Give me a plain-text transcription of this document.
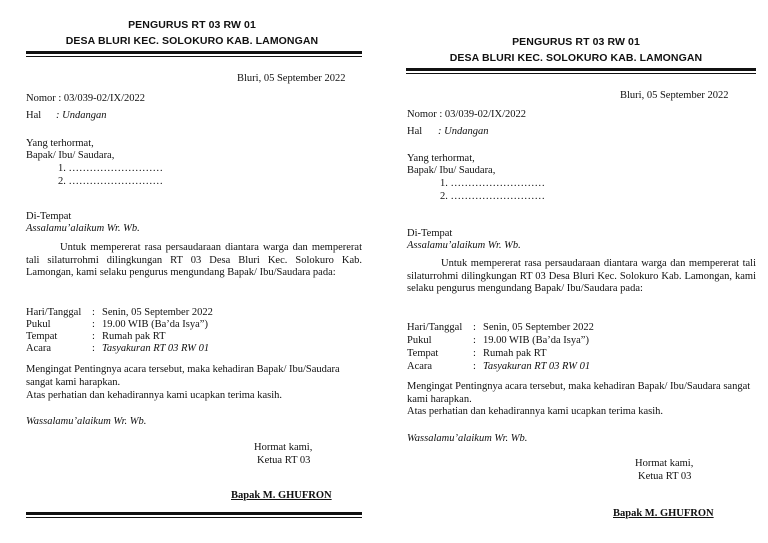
PENGURUS RT 03 RW 01
DESA BLURI KEC. SOLOKURO KAB. LAMONGAN
Bluri, 05 September 2022
Nomor : 03/039-02/IX/2022
Hal : Undangan
Yang terhormat,
Bapak/ Ibu/ Saudara,
1. ………………………
2. ………………………
Di-Tempat
Assalamu’alaikum Wr. Wb.
Untuk mempererat rasa persaudaraan diantara warga dan mempererat tali silaturrohmi dilingkungan RT 03 Desa Bluri Kec. Solokuro Kab. Lamongan, kami selaku pengurus mengundang Bapak/ Ibu/Saudara pada:
Hari/Tanggal : Senin, 05 September 2022
Pukul	: 19.00 WIB (Ba’da Isya”)
Tempat	: Rumah pak RT
Acara	: Tasyakuran RT 03 RW 01
Mengingat Pentingnya acara tersebut, maka kehadiran Bapak/ Ibu/Saudara sangat kami harapkan.
Atas perhatian dan kehadirannya kami ucapkan terima kasih.
Wassalamu’alaikum Wr. Wb.
Hormat kami,
Ketua RT 03
Bapak M. GHUFRON
PENGURUS RT 03 RW 01
DESA BLURI KEC. SOLOKURO KAB. LAMONGAN
Bluri, 05 September 2022
Nomor : 03/039-02/IX/2022
Hal : Undangan
Yang terhormat,
Bapak/ Ibu/ Saudara,
1. ………………………
2. ………………………
Di-Tempat
Assalamu’alaikum Wr. Wb.
Untuk mempererat rasa persaudaraan diantara warga dan mempererat tali silaturrohmi dilingkungan RT 03 Desa Bluri Kec. Solokuro Kab. Lamongan, kami selaku pengurus mengundang Bapak/ Ibu/Saudara pada:
Hari/Tanggal : Senin, 05 September 2022
Pukul	: 19.00 WIB (Ba’da Isya”)
Tempat	: Rumah pak RT
Acara	: Tasyakuran RT 03 RW 01
Mengingat Pentingnya acara tersebut, maka kehadiran Bapak/ Ibu/Saudara sangat kami harapkan.
Atas perhatian dan kehadirannya kami ucapkan terima kasih.
Wassalamu’alaikum Wr. Wb.
Hormat kami,
Ketua RT 03
Bapak M. GHUFRON
